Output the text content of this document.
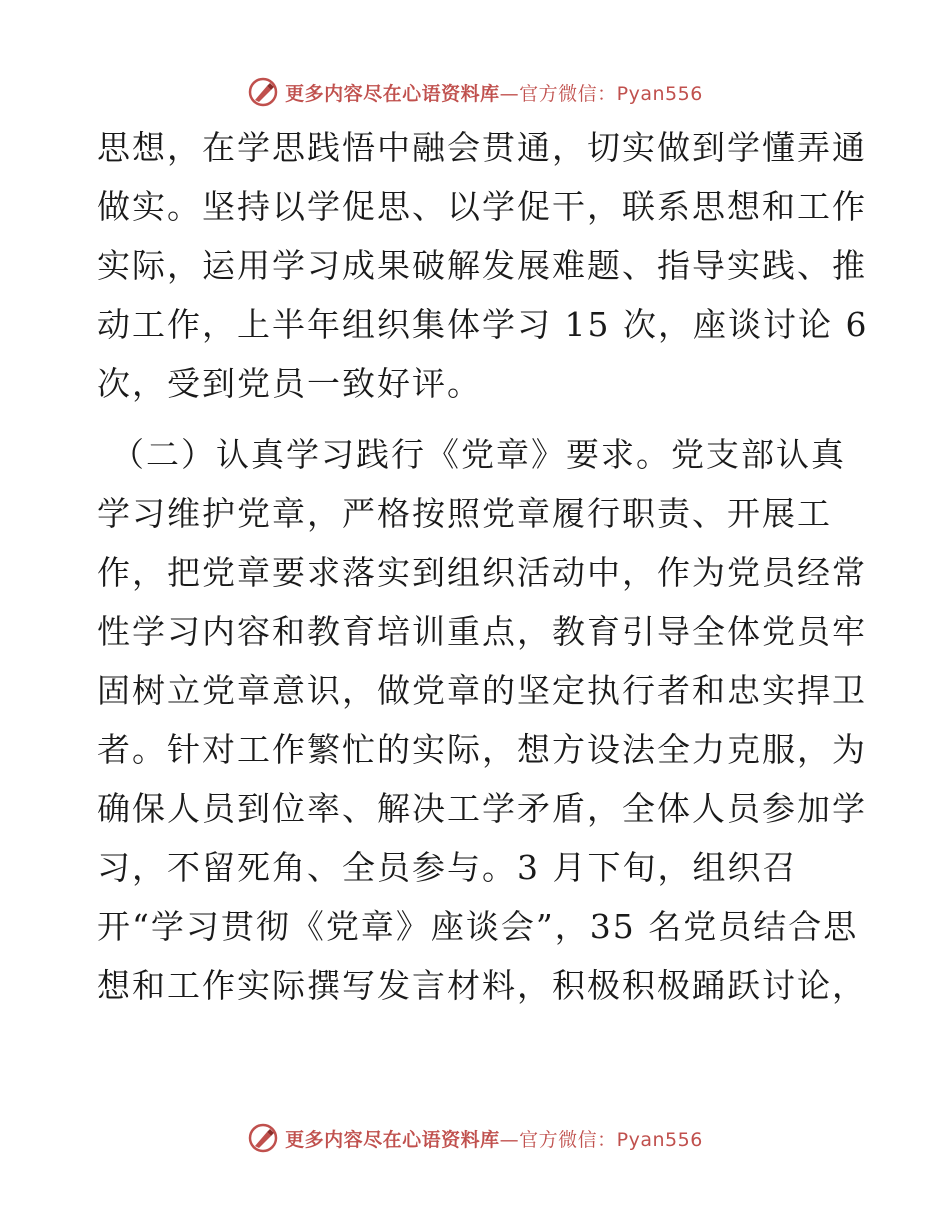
更多内容尽在心语资料库—官方微信：Pyan556
思想，在学思践悟中融会贯通，切实做到学懂弄通
做实。坚持以学促思、以学促干，联系思想和工作
实际，运用学习成果破解发展难题、指导实践、推
动工作，上半年组织集体学习 15 次，座谈讨论 6
次，受到党员一致好评。
（二）认真学习践行《党章》要求。党支部认真
学习维护党章，严格按照党章履行职责、开展工
作，把党章要求落实到组织活动中，作为党员经常
性学习内容和教育培训重点，教育引导全体党员牢
固树立党章意识，做党章的坚定执行者和忠实捍卫
者。针对工作繁忙的实际，想方设法全力克服，为
确保人员到位率、解决工学矛盾，全体人员参加学
习，不留死角、全员参与。3 月下旬，组织召
开“学习贯彻《党章》座谈会”，35 名党员结合思
想和工作实际撰写发言材料，积极积极踊跃讨论，
更多内容尽在心语资料库—官方微信：Pyan556
